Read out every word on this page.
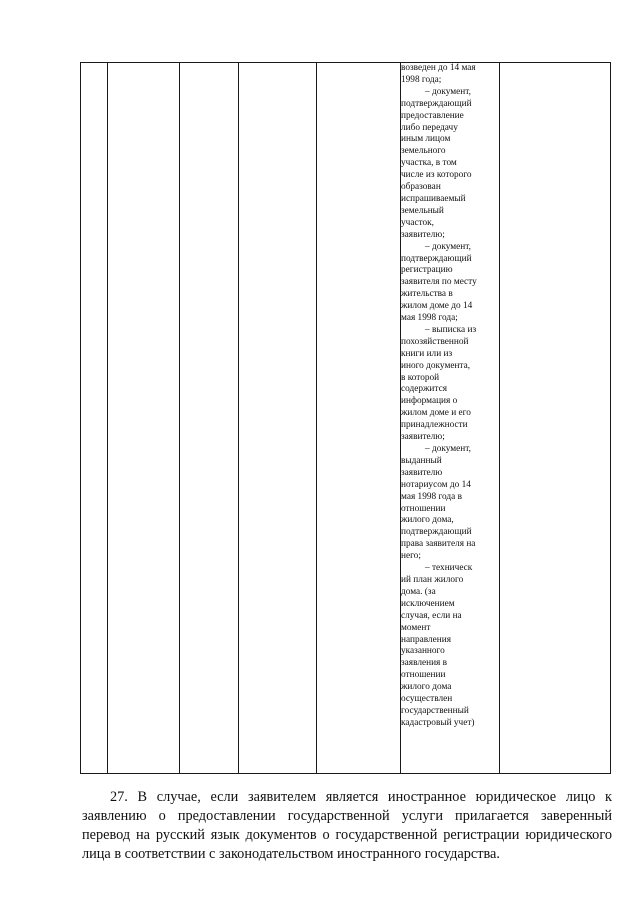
возведен до 14 мая
1998 года;
– документ,
подтверждающий
предоставление
либо передачу
иным лицом
земельного
участка, в том
числе из которого
образован
испрашиваемый
земельный
участок,
заявителю;
– документ,
подтверждающий
регистрацию
заявителя по месту
жительства в
жилом доме до 14
мая 1998 года;
– выписка из
похозяйственной
книги или из
иного документа,
в которой
содержится
информация о
жилом доме и его
принадлежности
заявителю;
– документ,
выданный
заявителю
нотариусом до 14
мая 1998 года в
отношении
жилого дома,
подтверждающий
права заявителя на
него;
– техническ
ий план жилого
дома. (за
исключением
случая, если на
момент
направления
указанного
заявления в
отношении
жилого дома
осуществлен
государственный
кадастровый учет)

27. В случае, если заявителем является иностранное юридическое лицо к заявлению о предоставлении государственной услуги прилагается заверенный перевод на русский язык документов о государственной регистрации юридического лица в соответствии с законодательством иностранного государства.
